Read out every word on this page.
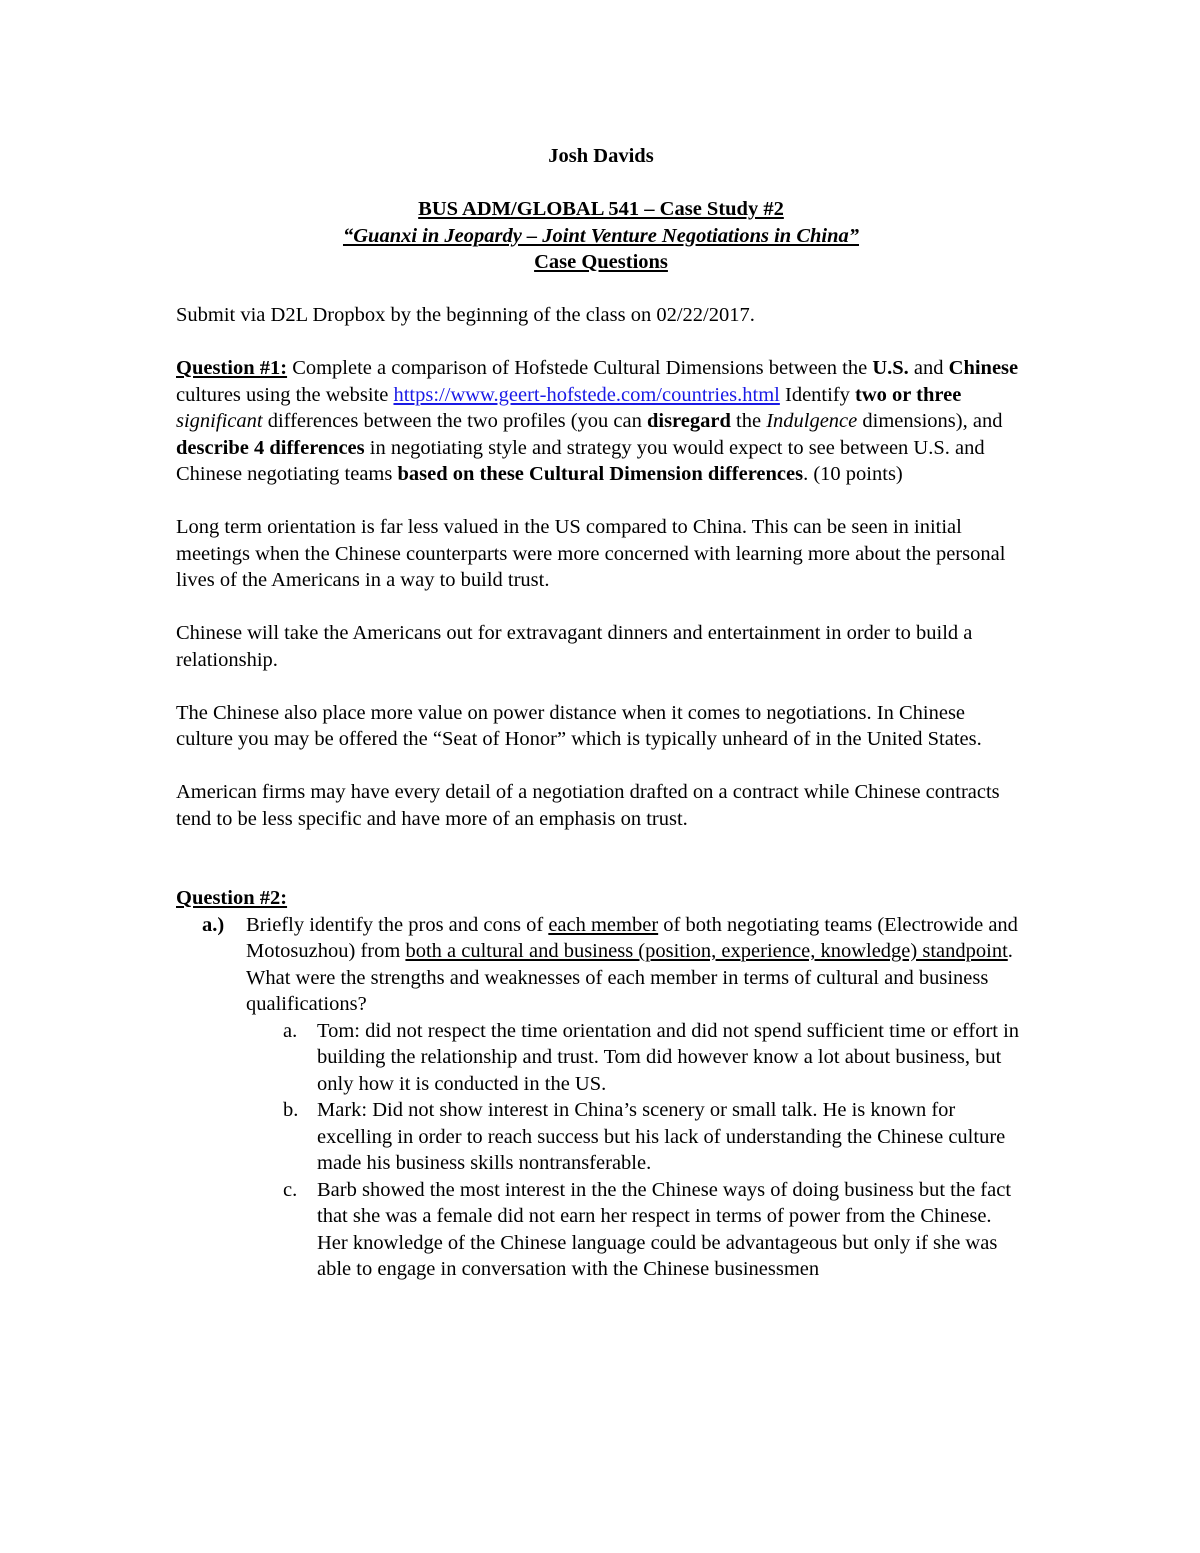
Josh Davids

BUS ADM/GLOBAL 541 – Case Study #2

“Guanxi in Jeopardy – Joint Venture Negotiations in China”

Case Questions

Submit via D2L Dropbox by the beginning of the class on 02/22/2017.

Question #1: Complete a comparison of Hofstede Cultural Dimensions between the U.S. and Chinese cultures using the website https://www.geert-hofstede.com/countries.html Identify two or three significant differences between the two profiles (you can disregard the Indulgence dimensions), and describe 4 differences in negotiating style and strategy you would expect to see between U.S. and Chinese negotiating teams based on these Cultural Dimension differences. (10 points)

Long term orientation is far less valued in the US compared to China. This can be seen in initial meetings when the Chinese counterparts were more concerned with learning more about the personal lives of the Americans in a way to build trust.

Chinese will take the Americans out for extravagant dinners and entertainment in order to build a relationship.

The Chinese also place more value on power distance when it comes to negotiations. In Chinese culture you may be offered the “Seat of Honor” which is typically unheard of in the United States.

American firms may have every detail of a negotiation drafted on a contract while Chinese contracts tend to be less specific and have more of an emphasis on trust.

Question #2:

a.) Briefly identify the pros and cons of each member of both negotiating teams (Electrowide and Motosuzhou) from both a cultural and business (position, experience, knowledge) standpoint. What were the strengths and weaknesses of each member in terms of cultural and business qualifications?
a. Tom: did not respect the time orientation and did not spend sufficient time or effort in building the relationship and trust. Tom did however know a lot about business, but only how it is conducted in the US.
b. Mark: Did not show interest in China’s scenery or small talk. He is known for excelling in order to reach success but his lack of understanding the Chinese culture made his business skills nontransferable.
c. Barb showed the most interest in the the Chinese ways of doing business but the fact that she was a female did not earn her respect in terms of power from the Chinese. Her knowledge of the Chinese language could be advantageous but only if she was able to engage in conversation with the Chinese businessmen
